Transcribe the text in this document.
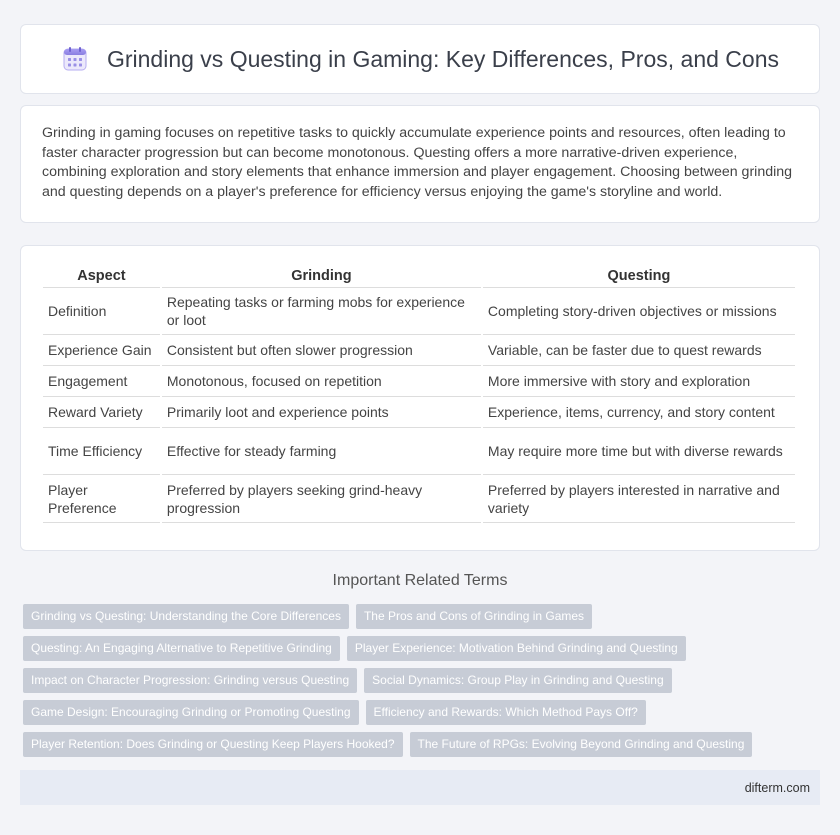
Grinding vs Questing in Gaming: Key Differences, Pros, and Cons

Grinding in gaming focuses on repetitive tasks to quickly accumulate experience points and resources, often leading to faster character progression but can become monotonous. Questing offers a more narrative-driven experience, combining exploration and story elements that enhance immersion and player engagement. Choosing between grinding and questing depends on a player's preference for efficiency versus enjoying the game's storyline and world.

Aspect	Grinding	Questing
Definition	Repeating tasks or farming mobs for experience or loot	Completing story-driven objectives or missions
Experience Gain	Consistent but often slower progression	Variable, can be faster due to quest rewards
Engagement	Monotonous, focused on repetition	More immersive with story and exploration
Reward Variety	Primarily loot and experience points	Experience, items, currency, and story content
Time Efficiency	Effective for steady farming	May require more time but with diverse rewards
Player Preference	Preferred by players seeking grind-heavy progression	Preferred by players interested in narrative and variety
Important Related Terms
Grinding vs Questing: Understanding the Core Differences	The Pros and Cons of Grinding in Games
Questing: An Engaging Alternative to Repetitive Grinding	Player Experience: Motivation Behind Grinding and Questing
Impact on Character Progression: Grinding versus Questing	Social Dynamics: Group Play in Grinding and Questing
Game Design: Encouraging Grinding or Promoting Questing	Efficiency and Rewards: Which Method Pays Off?
Player Retention: Does Grinding or Questing Keep Players Hooked?	The Future of RPGs: Evolving Beyond Grinding and Questing
difterm.com
